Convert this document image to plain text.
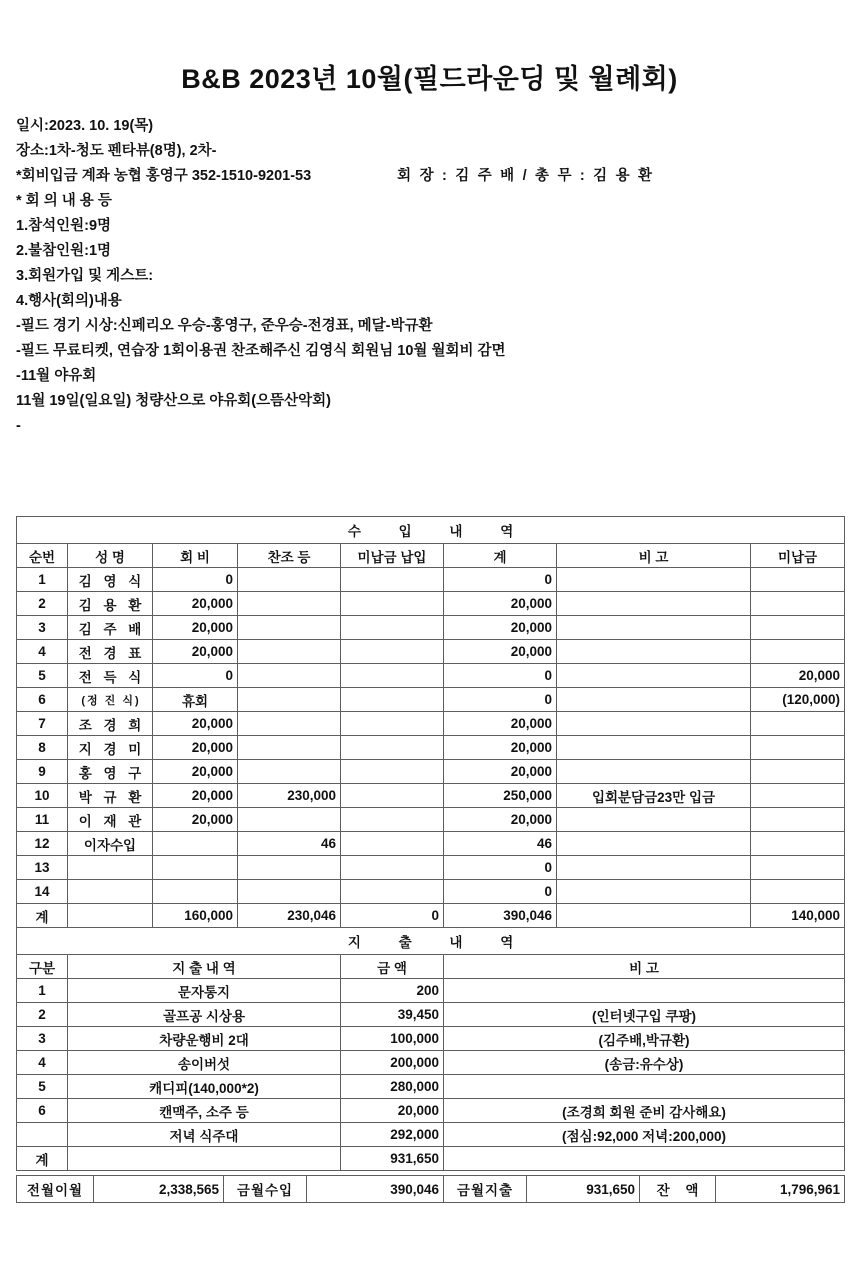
B&B 2023년 10월(필드라운딩 및 월례회)
일시:2023. 10. 19(목)
장소:1차-청도 펜타뷰(8명), 2차-
*회비입금 계좌 농협 홍영구 352-1510-9201-53	회 장 : 김 주 배 / 총 무 : 김 용 환
* 회 의 내 용 등
1.참석인원:9명
2.불참인원:1명
3.회원가입 및 게스트:
4.행사(회의)내용
-필드 경기 시상:신페리오 우승-홍영구, 준우승-전경표, 메달-박규환
-필드 무료티켓, 연습장 1회이용권 찬조해주신 김영식 회원님 10월 월회비 감면
-11월 야유회
11월 19일(일요일) 청량산으로 야유회(으뜸산악회)
-
수 입 내 역							
순번	성 명	회 비	찬조 등	미납금 납입	계	비 고	미납금
1	김 영 식	0			0		
2	김 용 환	20,000			20,000		
3	김 주 배	20,000			20,000		
4	전 경 표	20,000			20,000		
5	전 득 식	0			0		20,000
6	(정 진 식)	휴회			0		(120,000)
7	조 경 희	20,000			20,000		
8	지 경 미	20,000			20,000		
9	홍 영 구	20,000			20,000		
10	박 규 환	20,000	230,000		250,000	입회분담금23만 입금	
11	이 재 관	20,000			20,000		
12	이자수입		46		46		
13					0		
14					0		
계		160,000	230,046	0	390,046		140,000
지 출 내 역							
구분	지 출 내 역			금 액	비 고		
1	문자통지			200			
2	골프공 시상용			39,450	(인터넷구입 쿠팡)		
3	차량운행비 2대			100,000	(김주배,박규환)		
4	송이버섯			200,000	(송금:유수상)		
5	캐디피(140,000*2)			280,000			
6	캔맥주, 소주 등			20,000	(조경희 회원 준비 감사해요)		
	저녁 식주대			292,000	(점심:92,000 저녁:200,000)		
계				931,650			
전월이월	2,338,565	금월수입	390,046	금월지출	931,650	잔 액	1,796,961
